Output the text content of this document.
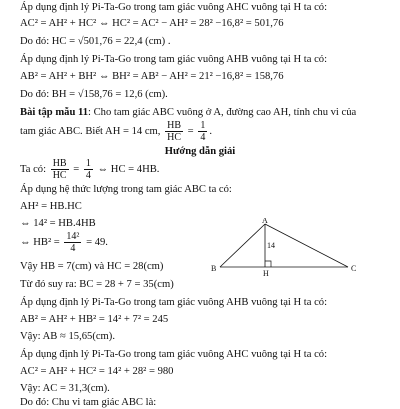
Áp dụng định lý Pi-Ta-Go trong tam giác vuông AHC vuông tại H ta có:
AC² = AH² + HC² ⇔ HC² = AC² − AH² = 28² −16,8² = 501,76
Do đó: HC = √501,76 = 22,4 (cm) .
Áp dụng định lý Pi-Ta-Go trong tam giác vuông AHB vuông tại H ta có:
AB² = AH² + BH² ⇔ BH² = AB² − AH² = 21² −16,8² = 158,76
Do đó: BH = √158,76 = 12,6 (cm).
Bài tập mẫu 11: Cho tam giác ABC vuông ở A, đường cao AH, tính chu vi của
tam giác ABC. Biết AH = 14 cm, $\frac{HB}{HC} = \frac{1}{4}$ .
Hướng dẫn giải
Ta có: $\frac{HB}{HC} = \frac{1}{4}$ ⇔ HC = 4HB.
Áp dụng hệ thức lượng trong tam giác ABC ta có:
AH² = HB.HC
⇔ 14² = HB.4HB
⇔ $HB^2 = \frac{\text{14²}}{4} = 49$.
Vậy HB = 7(cm) và HC = 28(cm)
Từ đó suy ra: BC = 28 + 7 = 35(cm)
Áp dụng định lý Pi-Ta-Go trong tam giác vuông AHB vuông tại H ta có:
AB² = AH² + HB² = 14² + 7² = 245
Vậy: AB ≈ 15,65(cm).
Áp dụng định lý Pi-Ta-Go trong tam giác vuông AHC vuông tại H ta có:
AC² = AH² + HC² = 14² + 28² = 980
Vậy: AC = 31,3(cm).
Do đó: Chu vi tam giác ABC là:
A
B	C
H
14
